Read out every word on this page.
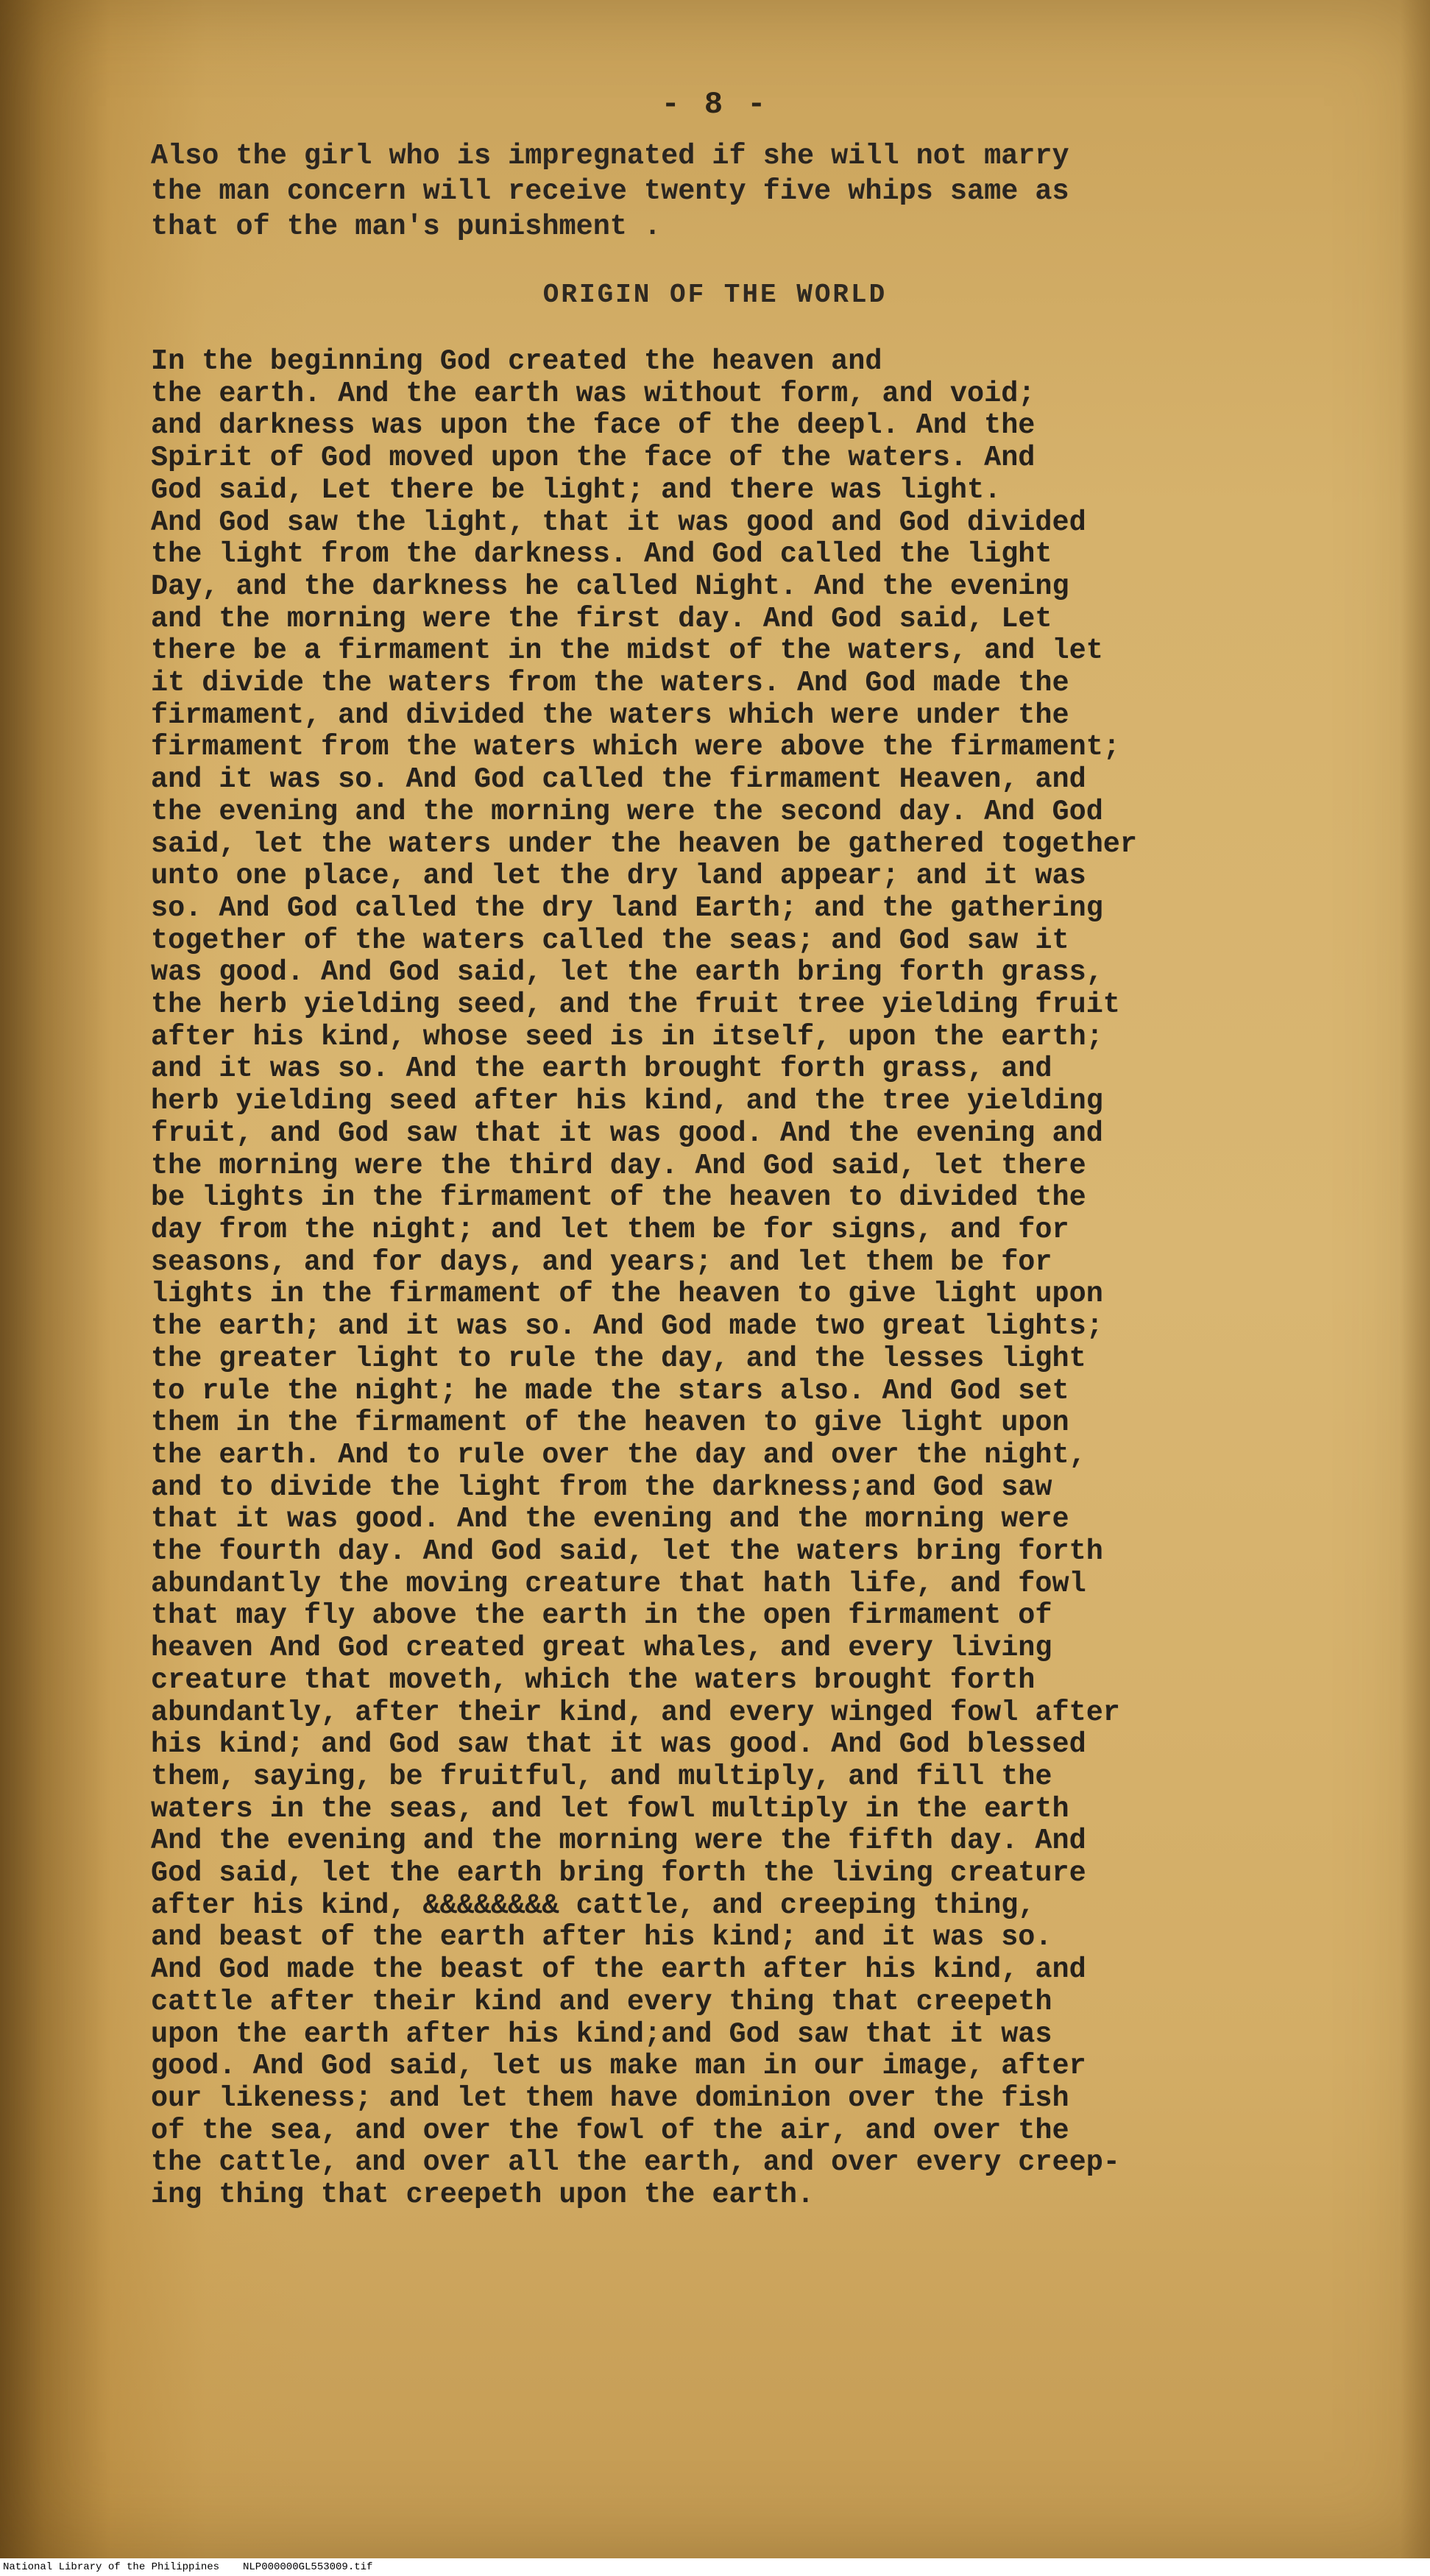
- 8 -

Also the girl who is impregnated if she will not marry
the man concern will receive twenty five whips same as
that of the man's punishment .

ORIGIN OF THE WORLD

In the beginning God created the heaven and
the earth. And the earth was without form, and void;
and darkness was upon the face of the deepl. And the
Spirit of God moved upon the face of the waters. And
God said, Let there be light; and there was light.
And God saw the light, that it was good and God divided
the light from the darkness. And God called the light
Day, and the darkness he called Night. And the evening
and the morning were the first day. And God said, Let
there be a firmament in the midst of the waters, and let
it divide the waters from the waters. And God made the
firmament, and divided the waters which were under the
firmament from the waters which were above the firmament;
and it was so. And God called the firmament Heaven, and
the evening and the morning were the second day. And God
said, let the waters under the heaven be gathered together
unto one place, and let the dry land appear; and it was
so. And God called the dry land Earth; and the gathering
together of the waters called the seas; and God saw it
was good. And God said, let the earth bring forth grass,
the herb yielding seed, and the fruit tree yielding fruit
after his kind, whose seed is in itself, upon the earth;
and it was so. And the earth brought forth grass, and
herb yielding seed after his kind, and the tree yielding
fruit, and God saw that it was good. And the evening and
the morning were the third day. And God said, let there
be lights in the firmament of the heaven to divided the
day from the night; and let them be for signs, and for
seasons, and for days, and years; and let them be for
lights in the firmament of the heaven to give light upon
the earth; and it was so. And God made two great lights;
the greater light to rule the day, and the lesses light
to rule the night; he made the stars also. And God set
them in the firmament of the heaven to give light upon
the earth. And to rule over the day and over the night,
and to divide the light from the darkness;and God saw
that it was good. And the evening and the morning were
the fourth day. And God said, let the waters bring forth
abundantly the moving creature that hath life, and fowl
that may fly above the earth in the open firmament of
heaven And God created great whales, and every living
creature that moveth, which the waters brought forth
abundantly, after their kind, and every winged fowl after
his kind; and God saw that it was good. And God blessed
them, saying, be fruitful, and multiply, and fill the
waters in the seas, and let fowl multiply in the earth
And the evening and the morning were the fifth day. And
God said, let the earth bring forth the living creature
after his kind, &&&&&&&& cattle, and creeping thing,
and beast of the earth after his kind; and it was so.
And God made the beast of the earth after his kind, and
cattle after their kind and every thing that creepeth
upon the earth after his kind;and God saw that it was
good. And God said, let us make man in our image, after
our likeness; and let them have dominion over the fish
of the sea, and over the fowl of the air, and over the
the cattle, and over all the earth, and over every creep-
ing thing that creepeth upon the earth.

National Library of the Philippines NLP000000GL553009.tif
